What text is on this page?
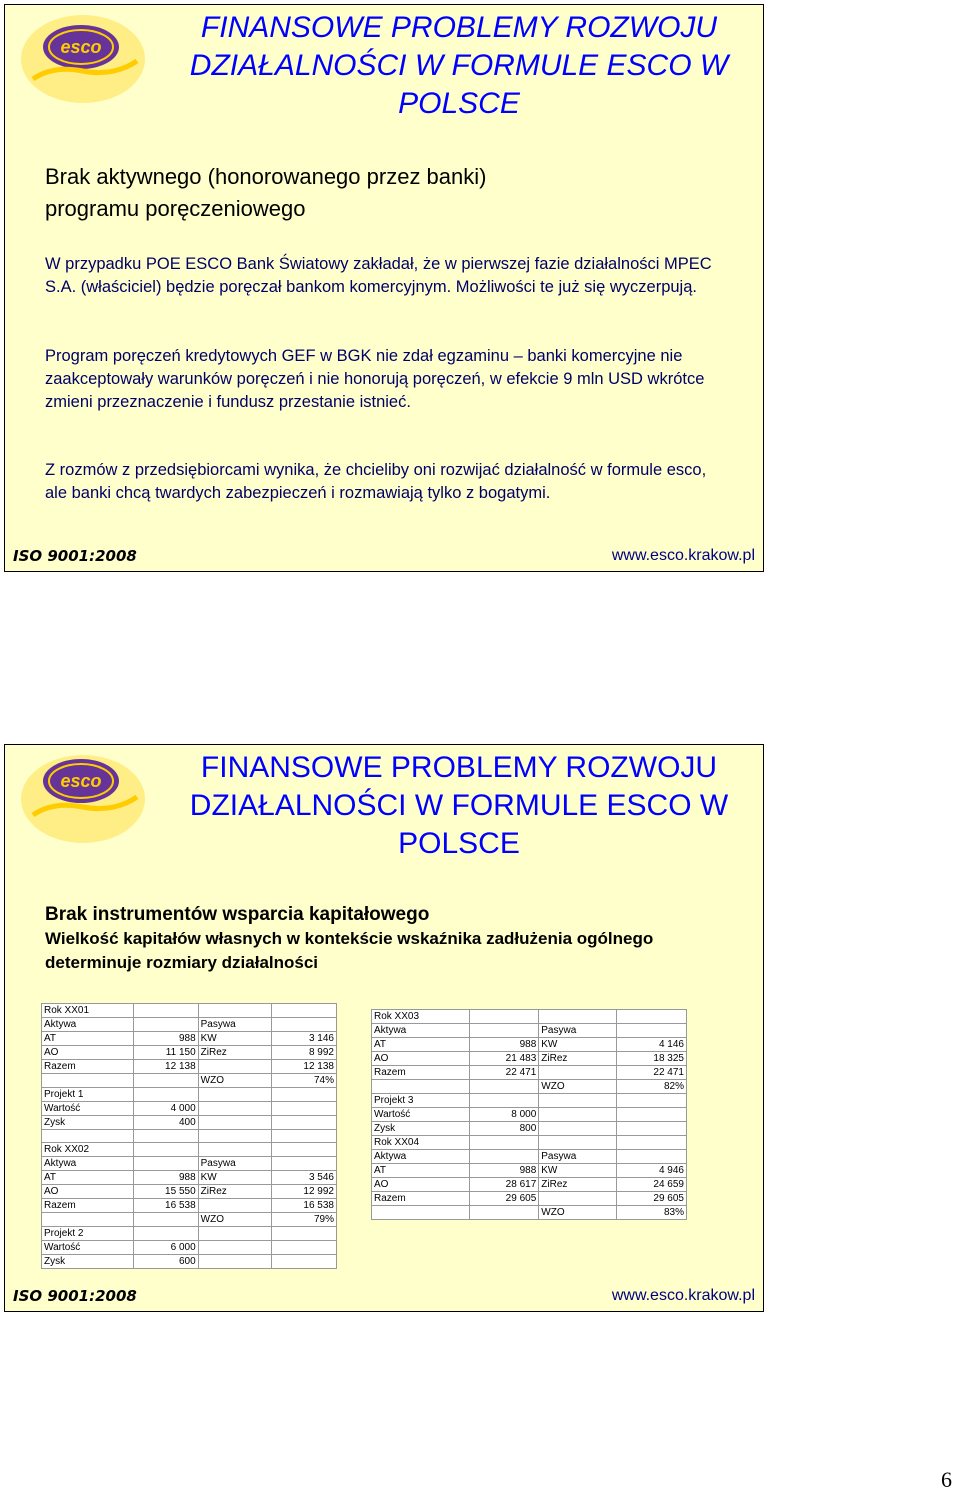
esco
FINANSOWE PROBLEMY ROZWOJU DZIAŁALNOŚCI W FORMULE ESCO W POLSCE
Brak aktywnego (honorowanego przez banki)
programu poręczeniowego
W przypadku POE ESCO Bank Światowy zakładał, że w pierwszej fazie działalności MPEC S.A. (właściciel) będzie poręczał bankom komercyjnym. Możliwości te już się wyczerpują.
Program poręczeń kredytowych GEF w BGK nie zdał egzaminu – banki komercyjne nie zaakceptowały warunków poręczeń i nie honorują poręczeń, w efekcie 9 mln USD wkrótce zmieni przeznaczenie i fundusz przestanie istnieć.
Z rozmów z przedsiębiorcami wynika, że chcieliby oni rozwijać działalność w formule esco, ale banki chcą twardych zabezpieczeń i rozmawiają tylko z bogatymi.
ISO 9001:2008	www.esco.krakow.pl
esco	FINANSOWE PROBLEMY ROZWOJU DZIAŁALNOŚCI W FORMULE ESCO W POLSCE
Brak instrumentów wsparcia kapitałowego
Wielkość kapitałów własnych w kontekście wskaźnika zadłużenia ogólnego determinuje rozmiary działalności
Rok XX01			
Aktywa		Pasywa	
AT	988	KW	3 146
AO	11 150	ZiRez	8 992
Razem	12 138		12 138
		WZO	74%
Projekt 1			
Wartość	4 000		
Zysk	400		

Rok XX02			
Aktywa		Pasywa	
AT	988	KW	3 546
AO	15 550	ZiRez	12 992
Razem	16 538		16 538
		WZO	79%
Projekt 2			
Wartość	6 000		
Zysk	600		
Rok XX03			
Aktywa		Pasywa	
AT	988	KW	4 146
AO	21 483	ZiRez	18 325
Razem	22 471		22 471
		WZO	82%
Projekt 3			
Wartość	8 000		
Zysk	800		
Rok XX04			
Aktywa		Pasywa	
AT	988	KW	4 946
AO	28 617	ZiRez	24 659
Razem	29 605		29 605
		WZO	83%
ISO 9001:2008	www.esco.krakow.pl
6
